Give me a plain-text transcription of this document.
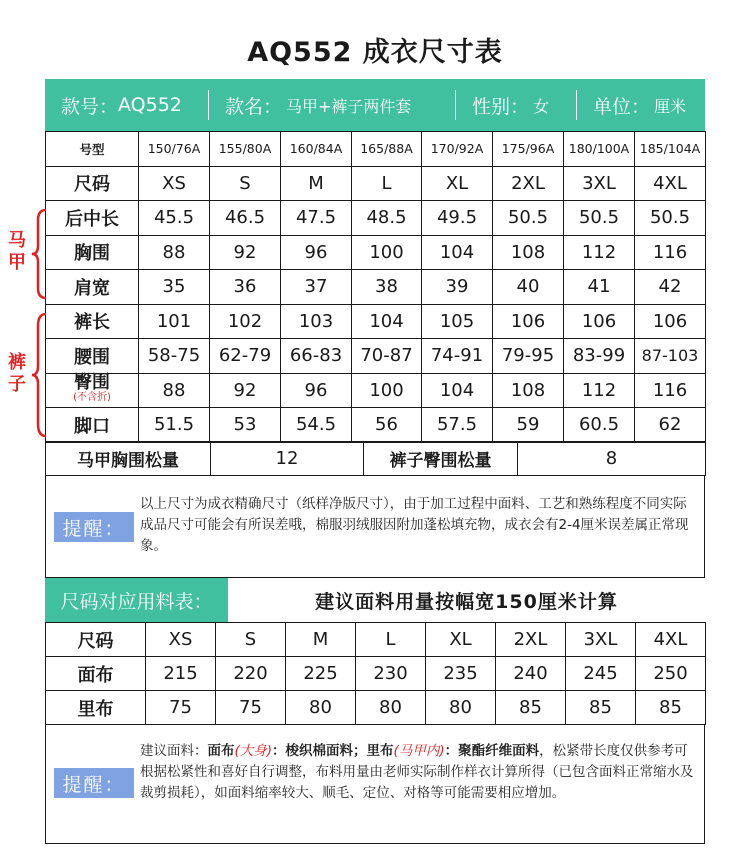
AQ552 成衣尺寸表
款号： AQ552 款名： 马甲+裤子两件套	性别： 女 单位： 厘米
号型	150/76A	155/80A	160/84A	165/88A	170/92A	175/96A	180/100A	185/104A
尺码	XS	S	M	L	XL	2XL	3XL	4XL
后中长	45.5	46.5	47.5	48.5	49.5	50.5	50.5	50.5
胸围	88	92	96	100	104	108	112	116
肩宽	35	36	37	38	39	40	41	42
裤长	101	102	103	104	105	106	106	106
腰围	58-75	62-79	66-83	70-87	74-91	79-95	83-99	87-103

臀围
(不含折)	88	92	96	100	104	108	112	116
脚口	51.5	53	54.5	56	57.5	59	60.5	62
马甲
裤子
马甲胸围松量	12	裤子臀围松量	8
提醒：
以上尺寸为成衣精确尺寸（纸样净版尺寸），由于加工过程中面料、工艺和熟练程度不同实际成品尺寸可能会有所误差哦，棉服羽绒服因附加蓬松填充物，成衣会有2-4厘米误差属正常现象。
尺码对应用料表：	建议面料用量按幅宽150厘米计算
尺码	XS	S	M	L	XL	2XL	3XL	4XL
面布	215	220	225	230	235	240	245	250
里布	75	75	80	80	80	85	85	85
提醒：
建议面料：面布(大身)：梭织棉面料；里布(马甲内)：聚酯纤维面料，松紧带长度仅供参考可根据松紧性和喜好自行调整，布料用量由老师实际制作样衣计算所得（已包含面料正常缩水及裁剪损耗），如面料缩率较大、顺毛、定位、对格等可能需要相应增加。
